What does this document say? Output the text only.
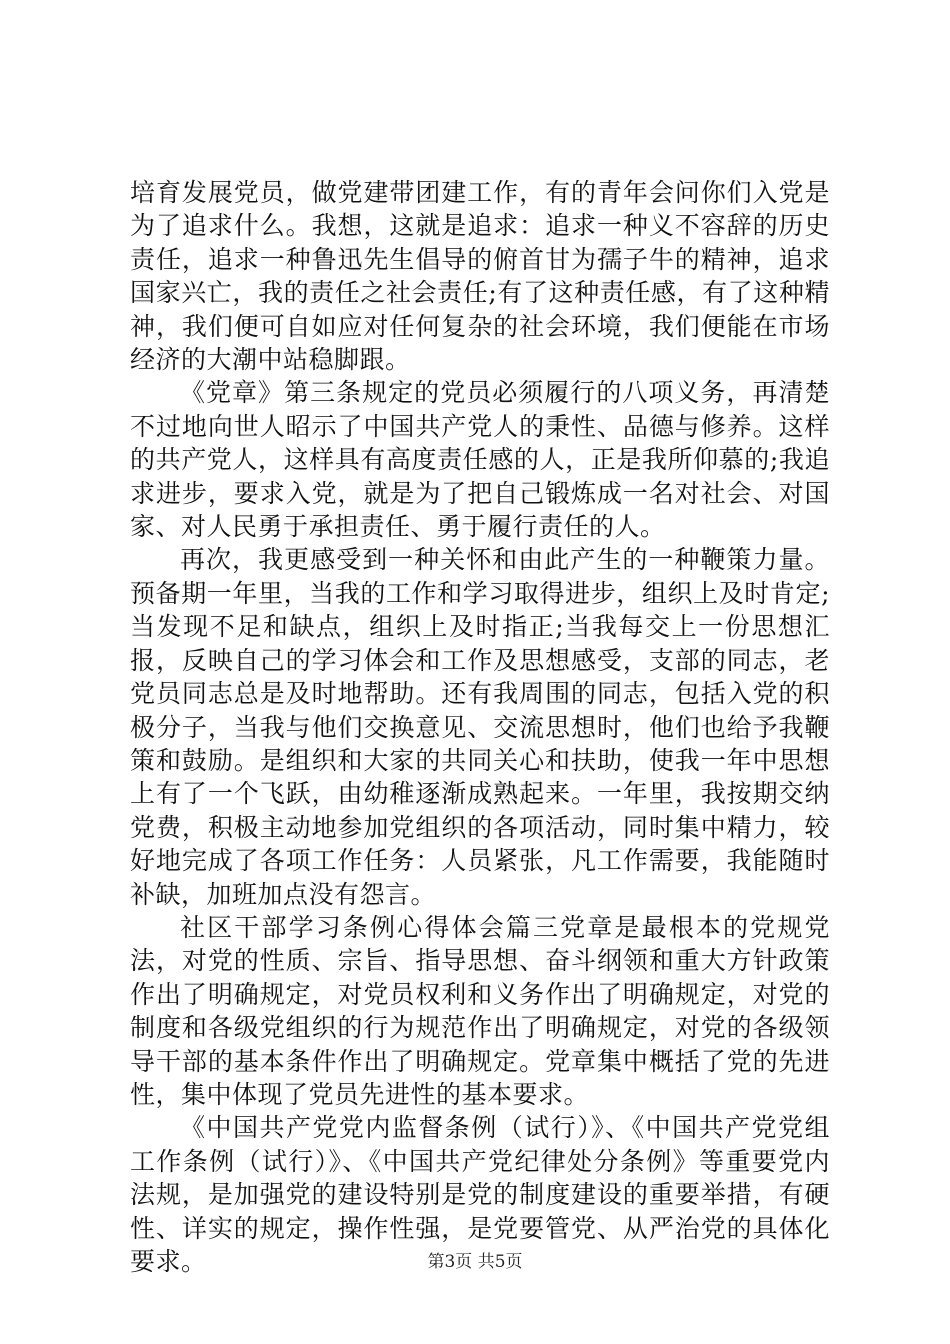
培育发展党员，做党建带团建工作，有的青年会问你们入党是为了追求什么。我想，这就是追求：追求一种义不容辞的历史责任，追求一种鲁迅先生倡导的俯首甘为孺子牛的精神，追求国家兴亡，我的责任之社会责任;有了这种责任感，有了这种精神，我们便可自如应对任何复杂的社会环境，我们便能在市场经济的大潮中站稳脚跟。

《党章》第三条规定的党员必须履行的八项义务，再清楚不过地向世人昭示了中国共产党人的秉性、品德与修养。这样的共产党人，这样具有高度责任感的人，正是我所仰慕的;我追求进步，要求入党，就是为了把自己锻炼成一名对社会、对国家、对人民勇于承担责任、勇于履行责任的人。

再次，我更感受到一种关怀和由此产生的一种鞭策力量。预备期一年里，当我的工作和学习取得进步，组织上及时肯定;当发现不足和缺点，组织上及时指正;当我每交上一份思想汇报，反映自己的学习体会和工作及思想感受，支部的同志，老党员同志总是及时地帮助。还有我周围的同志，包括入党的积极分子，当我与他们交换意见、交流思想时，他们也给予我鞭策和鼓励。是组织和大家的共同关心和扶助，使我一年中思想上有了一个飞跃，由幼稚逐渐成熟起来。一年里，我按期交纳党费，积极主动地参加党组织的各项活动，同时集中精力，较好地完成了各项工作任务：人员紧张，凡工作需要，我能随时补缺，加班加点没有怨言。

社区干部学习条例心得体会篇三党章是最根本的党规党法，对党的性质、宗旨、指导思想、奋斗纲领和重大方针政策作出了明确规定，对党员权利和义务作出了明确规定，对党的制度和各级党组织的行为规范作出了明确规定，对党的各级领导干部的基本条件作出了明确规定。党章集中概括了党的先进性，集中体现了党员先进性的基本要求。

《中国共产党党内监督条例（试行）》、《中国共产党党组工作条例（试行）》、《中国共产党纪律处分条例》等重要党内法规，是加强党的建设特别是党的制度建设的重要举措，有硬性、详实的规定，操作性强，是党要管党、从严治党的具体化要求。	第3页 共5页
